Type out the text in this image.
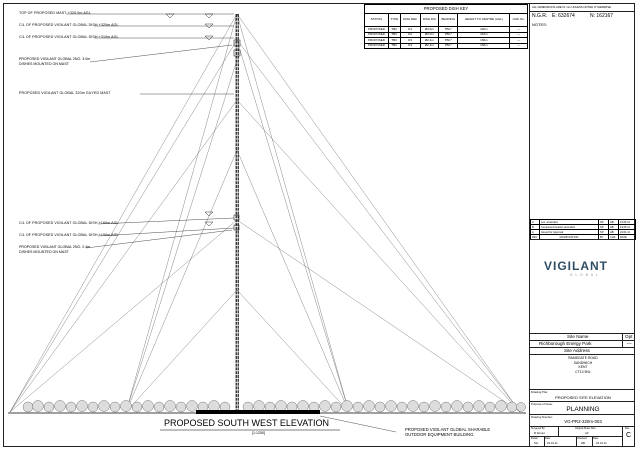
TOP OF PROPOSED MAST +320.0m AGL
C/L OF PROPOSED VIGILANT GLOBAL DISH +320m AGL
C/L OF PROPOSED VIGILANT GLOBAL DISH +310m AGL
PROPOSED VIGILANT GLOBAL 2NO. 3.0m
DISHES MOUNTED ON MAST
PROPOSED VIGILANT GLOBAL 320m GUYED MAST
C/L OF PROPOSED VIGILANT GLOBAL DISH +160m AGL
C/L OF PROPOSED VIGILANT GLOBAL DISH +150m AGL
PROPOSED VIGILANT GLOBAL 2NO. 2.4m
DISHES MOUNTED ON MAST
PROPOSED SOUTH WEST ELEVATION
[1:1250]
PROPOSED VIGILANT GLOBAL SHARABLE
OUTDOOR EQUIPMENT BUILDING.
PROPOSED DISH KEY						
STATUS	TYPE	DISH REF	DISH DIA	BEARING	HEIGHT TO CENTRE (AGL)	LINK No.
PROPOSED	TBC	D1	Ø3.0m	TBC°	320m	—
PROPOSED	TBC	D2	Ø3.0m	TBC°	310m	—
PROPOSED	TBC	D3	Ø2.4m	TBC°	160m	—
PROPOSED	TBC	D4	Ø2.4m	TBC°	150m	—
ALL DIMENSIONS ARE IN mm UNLESS NOTED OTHERWISE
N.G.R. E: 632674	N: 162167
NOTES:
C	Loc. amended	SP	HB	13.06.11
B	Compound location amended	SP	HB	13.05.11
A	Issued for Approval	SP	HB	24.01.11
REV	MODIFICATION	BY	CHK	DATE
VIGILANT
GLOBAL
Site Name	Opt
Richborough Energy Park	—
Site Address
RAMSGATE ROAD
SANDWICH
KENT
CT13 9NL
Drawing Title:
PROPOSED SITE ELEVATION
Purpose of Issue:
PLANNING
Drawing Number:
VG-PR2-320m-003
Surveyed By:
R Smout
Original Sheet Size:
A3
Rev:
C
Drawn:
SH
Date:
24.01.11
Checked:
HB
Date:
24.01.11
